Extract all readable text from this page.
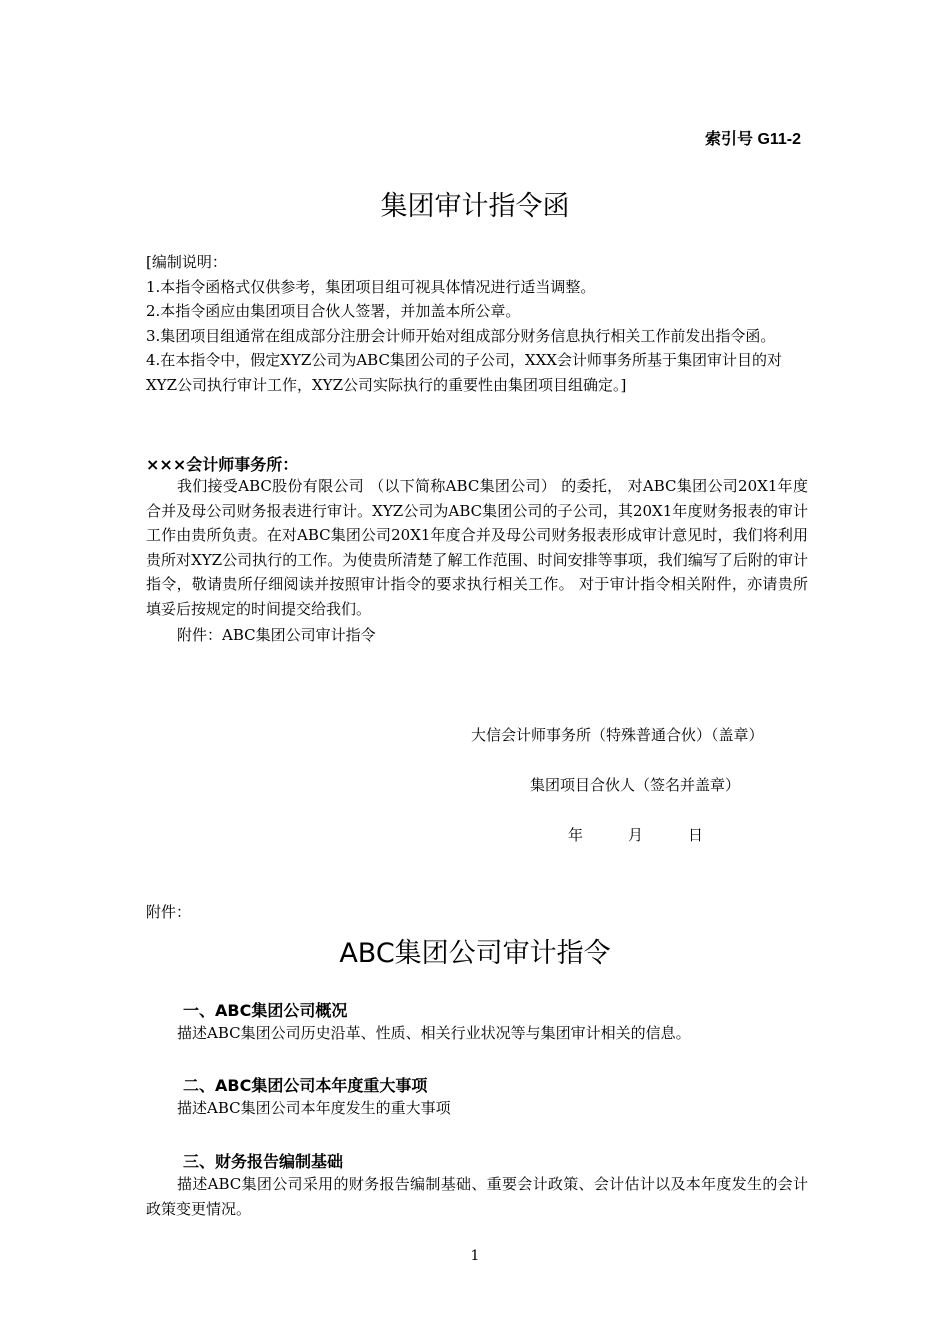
索引号 G11-2
集团审计指令函

[编制说明：

1.本指令函格式仅供参考，集团项目组可视具体情况进行适当调整。

2.本指令函应由集团项目合伙人签署，并加盖本所公章。

3.集团项目组通常在组成部分注册会计师开始对组成部分财务信息执行相关工作前发出指令函。

4.在本指令中，假定XYZ公司为ABC集团公司的子公司，XXX会计师事务所基于集团审计目的对XYZ公司执行审计工作，XYZ公司实际执行的重要性由集团项目组确定。]

×××会计师事务所：

我们接受ABC股份有限公司 （以下简称ABC集团公司） 的委托， 对ABC集团公司20X1年度合并及母公司财务报表进行审计。XYZ公司为ABC集团公司的子公司，其20X1年度财务报表的审计工作由贵所负责。在对ABC集团公司20X1年度合并及母公司财务报表形成审计意见时，我们将利用贵所对XYZ公司执行的工作。为使贵所清楚了解工作范围、时间安排等事项，我们编写了后附的审计指令，敬请贵所仔细阅读并按照审计指令的要求执行相关工作。 对于审计指令相关附件，亦请贵所填妥后按规定的时间提交给我们。

附件：ABC集团公司审计指令
大信会计师事务所（特殊普通合伙）（盖章）
集团项目合伙人（签名并盖章）
年	月	日
附件：
ABC集团公司审计指令
一、ABC集团公司概况
描述ABC集团公司历史沿革、性质、相关行业状况等与集团审计相关的信息。
二、ABC集团公司本年度重大事项
描述ABC集团公司本年度发生的重大事项
三、财务报告编制基础
描述ABC集团公司采用的财务报告编制基础、重要会计政策、会计估计以及本年度发生的会计政策变更情况。
1
